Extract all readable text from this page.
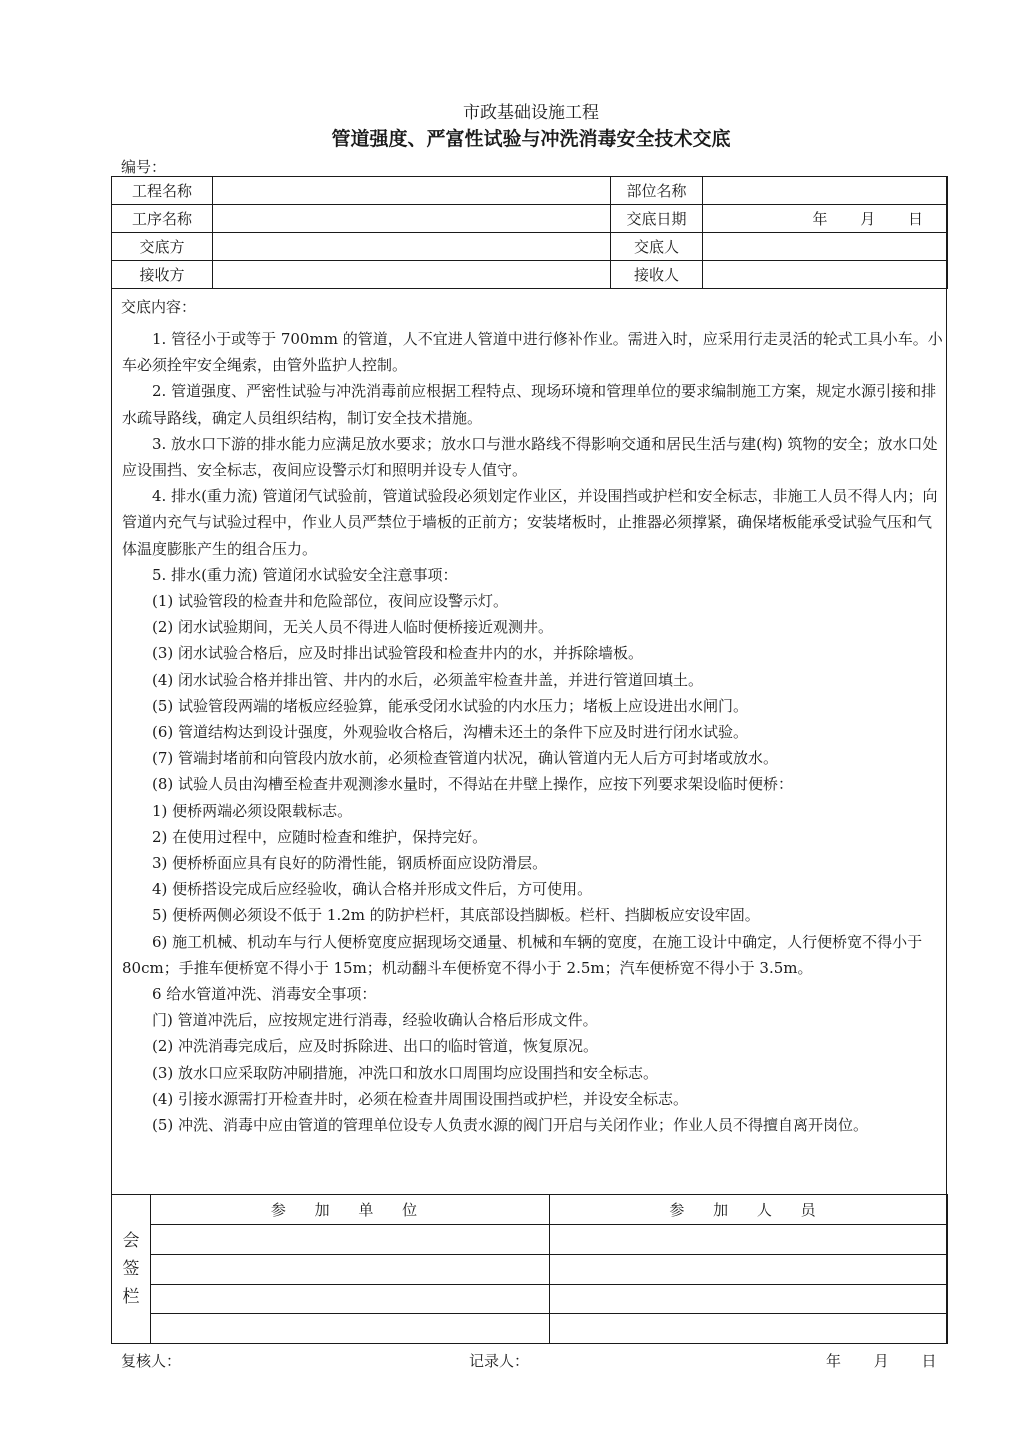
市政基础设施工程
管道强度、严富性试验与冲洗消毒安全技术交底
编号：
工程名称		部位名称	
工序名称		交底日期	年 月 日
交底方		交底人	
接收方		接收人	
交底内容：

1. 管径小于或等于 700mm 的管道，人不宜进人管道中进行修补作业。需进入时，应采用行走灵活的轮式工具小车。小车必须拴牢安全绳索，由管外监护人控制。

2. 管道强度、严密性试验与冲洗消毒前应根据工程特点、现场环境和管理单位的要求编制施工方案，规定水源引接和排水疏导路线，确定人员组织结构，制订安全技术措施。

3. 放水口下游的排水能力应满足放水要求；放水口与泄水路线不得影响交通和居民生活与建(构) 筑物的安全；放水口处应设围挡、安全标志，夜间应设警示灯和照明并设专人值守。

4. 排水(重力流) 管道闭气试验前，管道试验段必须划定作业区，并设围挡或护栏和安全标志，非施工人员不得人内；向管道内充气与试验过程中，作业人员严禁位于墙板的正前方；安装堵板时，止推器必须撑紧，确保堵板能承受试验气压和气体温度膨胀产生的组合压力。

5. 排水(重力流) 管道闭水试验安全注意事项：

(1) 试验管段的检查井和危险部位，夜间应设警示灯。

(2) 闭水试验期间，无关人员不得进人临时便桥接近观测井。

(3) 闭水试验合格后，应及时排出试验管段和检查井内的水，并拆除墙板。

(4) 闭水试验合格并排出管、井内的水后，必须盖牢检查井盖，并进行管道回填土。

(5) 试验管段两端的堵板应经验算，能承受闭水试验的内水压力；堵板上应设进出水闸门。

(6) 管道结构达到设计强度，外观验收合格后，沟槽未还土的条件下应及时进行闭水试验。

(7) 管端封堵前和向管段内放水前，必须检查管道内状况，确认管道内无人后方可封堵或放水。

(8) 试验人员由沟槽至检查井观测渗水量时，不得站在井壁上操作，应按下列要求架设临时便桥：

1) 便桥两端必须设限载标志。

2) 在使用过程中，应随时检查和维护，保持完好。

3) 便桥桥面应具有良好的防滑性能，钢质桥面应设防滑层。

4) 便桥搭设完成后应经验收，确认合格并形成文件后，方可使用。

5) 便桥两侧必须设不低于 1.2m 的防护栏杆，其底部设挡脚板。栏杆、挡脚板应安设牢固。

6) 施工机械、机动车与行人便桥宽度应据现场交通量、机械和车辆的宽度，在施工设计中确定，人行便桥宽不得小于 80cm；手推车便桥宽不得小于 15m；机动翻斗车便桥宽不得小于 2.5m；汽车便桥宽不得小于 3.5m。

6 给水管道冲洗、消毒安全事项：

门) 管道冲洗后，应按规定进行消毒，经验收确认合格后形成文件。

(2) 冲洗消毒完成后，应及时拆除进、出口的临时管道，恢复原况。

(3) 放水口应采取防冲刷措施，冲洗口和放水口周围均应设围挡和安全标志。

(4) 引接水源需打开检查井时，必须在检查井周围设围挡或护栏，并设安全标志。

(5) 冲洗、消毒中应由管道的管理单位设专人负责水源的阀门开启与关闭作业；作业人员不得擅自离开岗位。

会
签
栏	参 加 单 位	参 加 人 员

复核人：	记录人：	年 月 日
